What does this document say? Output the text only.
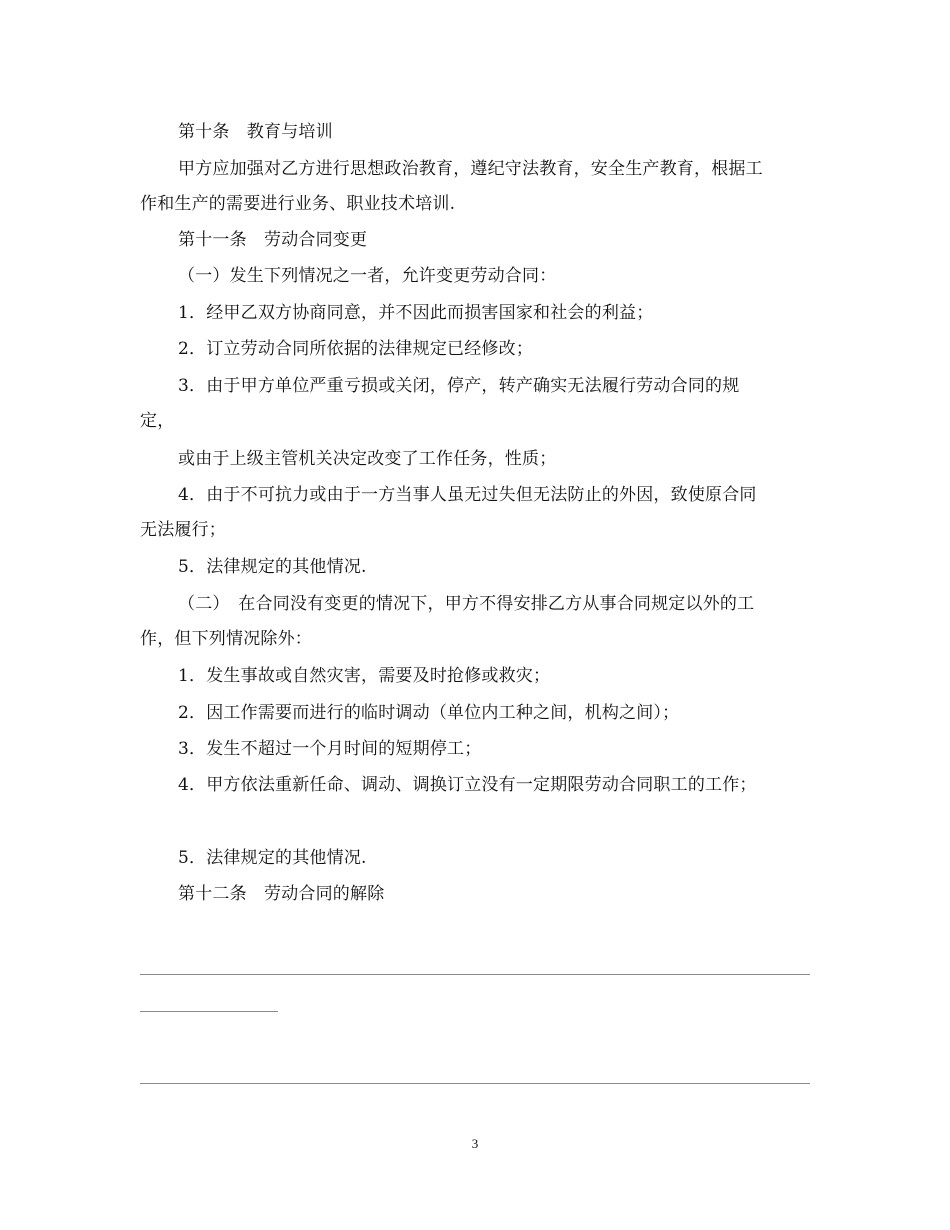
第十条　教育与培训
甲方应加强对乙方进行思想政治教育，遵纪守法教育，安全生产教育，根据工
作和生产的需要进行业务、职业技术培训.
第十一条　劳动合同变更
（一）发生下列情况之一者，允许变更劳动合同：
1．经甲乙双方协商同意，并不因此而损害国家和社会的利益；
2．订立劳动合同所依据的法律规定已经修改；
3．由于甲方单位严重亏损或关闭，停产，转产确实无法履行劳动合同的规
定，
或由于上级主管机关决定改变了工作任务，性质；
4．由于不可抗力或由于一方当事人虽无过失但无法防止的外因，致使原合同
无法履行；
5．法律规定的其他情况.
（二）　在合同没有变更的情况下，甲方不得安排乙方从事合同规定以外的工
作，但下列情况除外：
1．发生事故或自然灾害，需要及时抢修或救灾；
2．因工作需要而进行的临时调动（单位内工种之间，机构之间）；
3．发生不超过一个月时间的短期停工；
4．甲方依法重新任命、调动、调换订立没有一定期限劳动合同职工的工作；
5．法律规定的其他情况.
第十二条　劳动合同的解除
3
